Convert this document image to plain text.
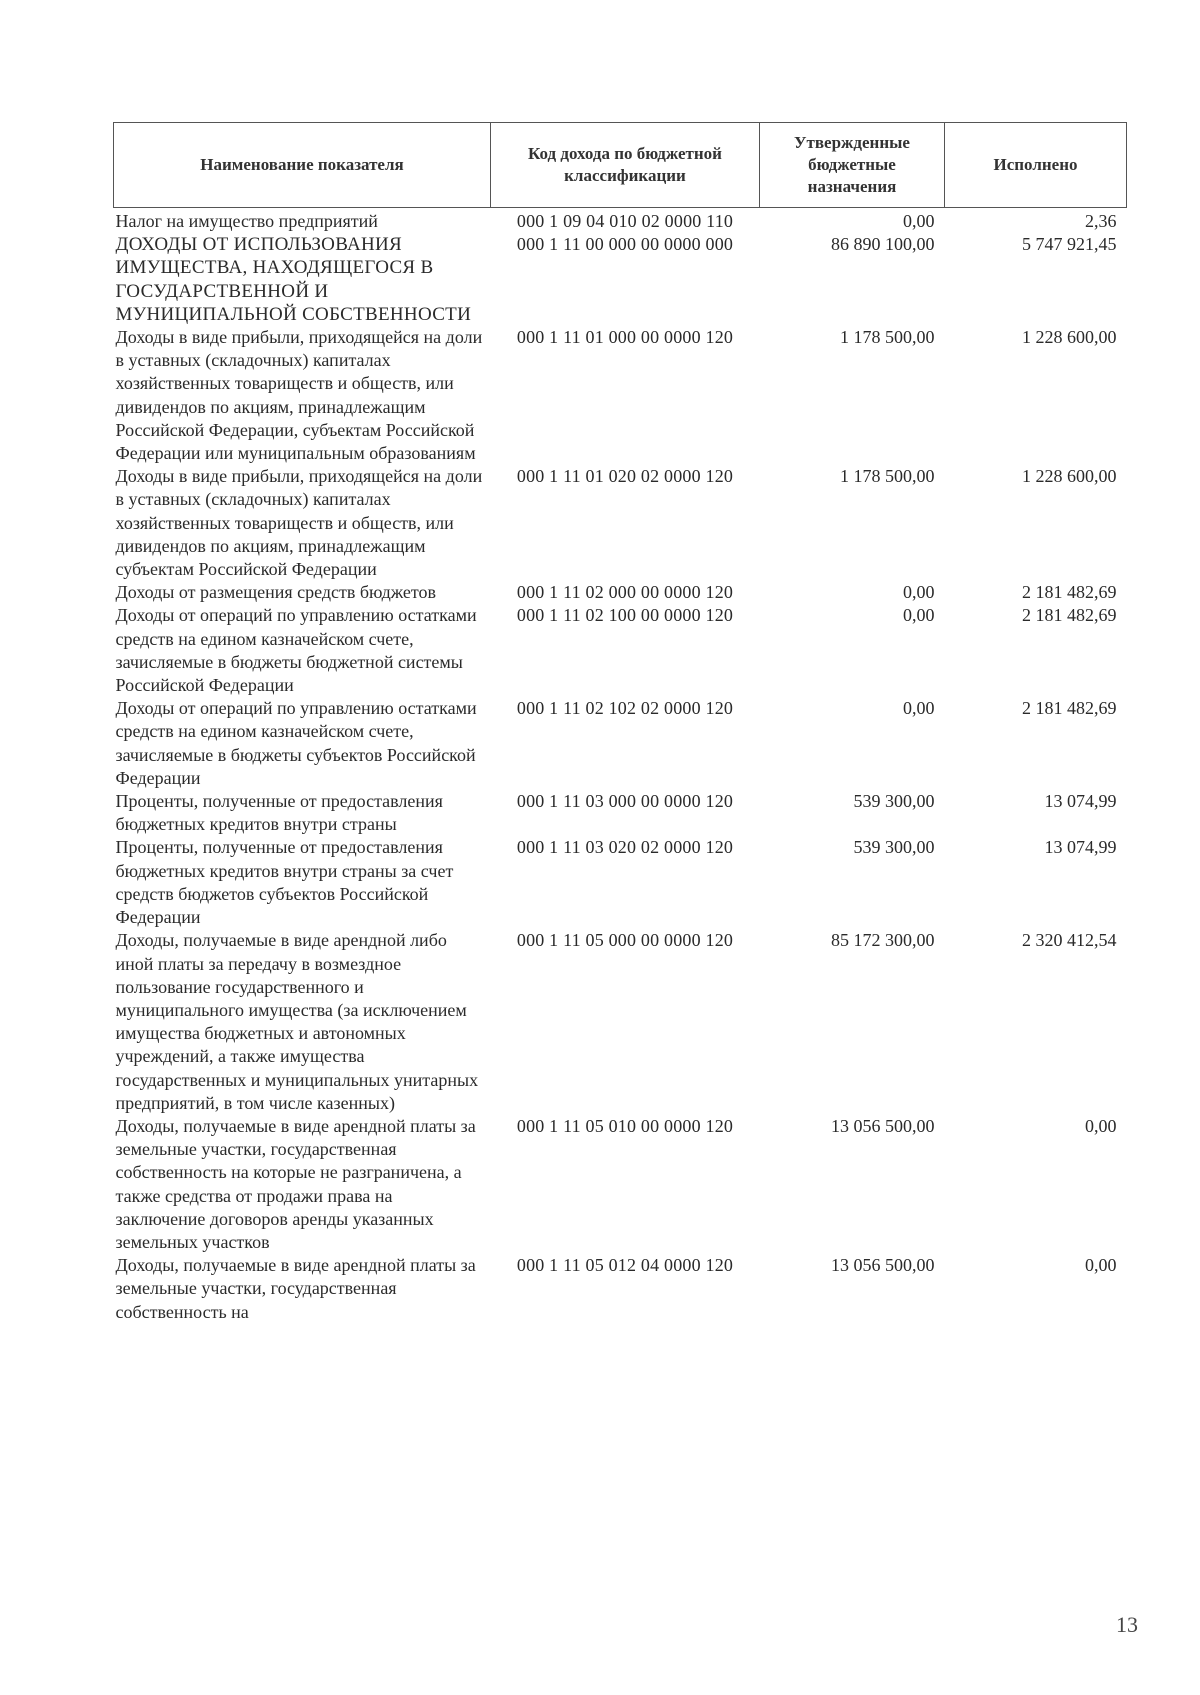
Наименование показателя	Код дохода по бюджетной классификации	Утвержденные бюджетные назначения	Исполнено
Налог на имущество предприятий	000 1 09 04 010 02 0000 110	0,00	2,36
ДОХОДЫ ОТ ИСПОЛЬЗОВАНИЯ ИМУЩЕСТВА, НАХОДЯЩЕГОСЯ В ГОСУДАРСТВЕННОЙ И МУНИЦИПАЛЬНОЙ СОБСТВЕННОСТИ	000 1 11 00 000 00 0000 000	86 890 100,00	5 747 921,45
Доходы в виде прибыли, приходящейся на доли в уставных (складочных) капиталах хозяйственных товариществ и обществ, или дивидендов по акциям, принадлежащим Российской Федерации, субъектам Российской Федерации или муниципальным образованиям	000 1 11 01 000 00 0000 120	1 178 500,00	1 228 600,00
Доходы в виде прибыли, приходящейся на доли в уставных (складочных) капиталах хозяйственных товариществ и обществ, или дивидендов по акциям, принадлежащим субъектам Российской Федерации	000 1 11 01 020 02 0000 120	1 178 500,00	1 228 600,00
Доходы от размещения средств бюджетов	000 1 11 02 000 00 0000 120	0,00	2 181 482,69
Доходы от операций по управлению остатками средств на едином казначейском счете, зачисляемые в бюджеты бюджетной системы Российской Федерации	000 1 11 02 100 00 0000 120	0,00	2 181 482,69
Доходы от операций по управлению остатками средств на едином казначейском счете, зачисляемые в бюджеты субъектов Российской Федерации	000 1 11 02 102 02 0000 120	0,00	2 181 482,69
Проценты, полученные от предоставления бюджетных кредитов внутри страны	000 1 11 03 000 00 0000 120	539 300,00	13 074,99
Проценты, полученные от предоставления бюджетных кредитов внутри страны за счет средств бюджетов субъектов Российской Федерации	000 1 11 03 020 02 0000 120	539 300,00	13 074,99
Доходы, получаемые в виде арендной либо иной платы за передачу в возмездное пользование государственного и муниципального имущества (за исключением имущества бюджетных и автономных учреждений, а также имущества государственных и муниципальных унитарных предприятий, в том числе казенных)	000 1 11 05 000 00 0000 120	85 172 300,00	2 320 412,54
Доходы, получаемые в виде арендной платы за земельные участки, государственная собственность на которые не разграничена, а также средства от продажи права на заключение договоров аренды указанных земельных участков	000 1 11 05 010 00 0000 120	13 056 500,00	0,00
Доходы, получаемые в виде арендной платы за земельные участки, государственная собственность на	000 1 11 05 012 04 0000 120	13 056 500,00	0,00
13
